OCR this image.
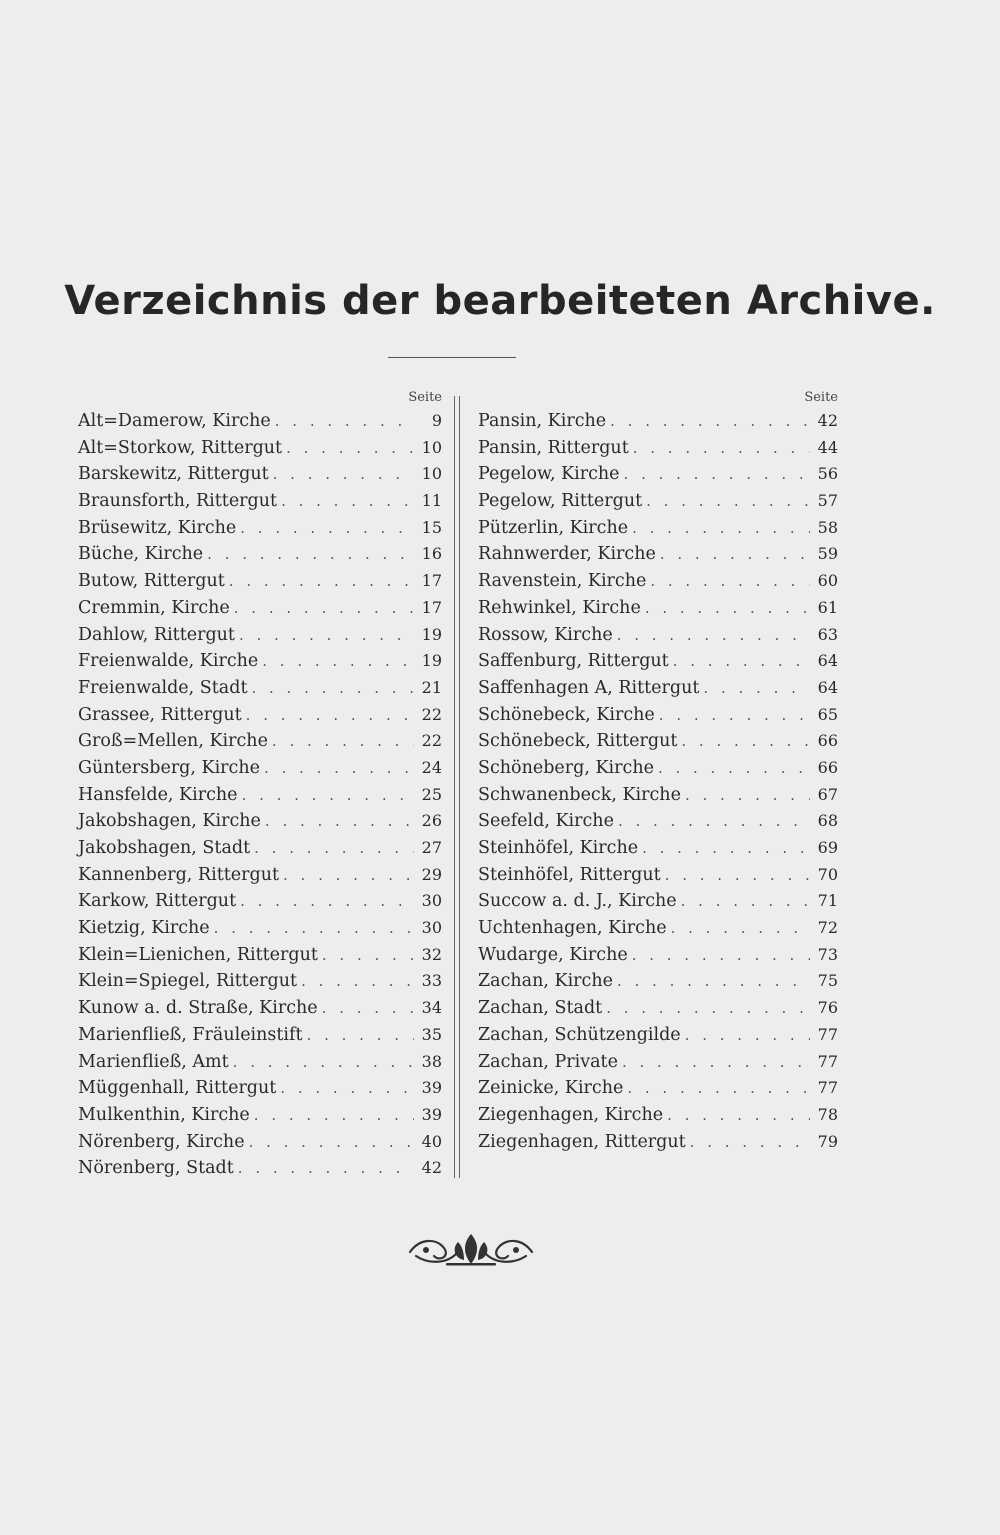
Verzeichnis der bearbeiteten Archive.
Seite
Alt=Damerow, Kirche . . .	9
Alt=Storkow, Rittergut . . .	10
Barskewitz, Rittergut . . .	10
Braunsforth, Rittergut . . .	11
Brüsewitz, Kirche . . .	15
Büche, Kirche . . .	16
Butow, Rittergut . . .	17
Cremmin, Kirche . . .	17
Dahlow, Rittergut . . .	19
Freienwalde, Kirche . . .	19
Freienwalde, Stadt . . .	21
Grassee, Rittergut . . .	22
Groß=Mellen, Kirche . . .	22
Güntersberg, Kirche . . .	24
Hansfelde, Kirche . . .	25
Jakobshagen, Kirche . . .	26
Jakobshagen, Stadt . . .	27
Kannenberg, Rittergut . . .	29
Karkow, Rittergut . . .	30
Kietzig, Kirche . . .	30
Klein=Lienichen, Rittergut . . .	32
Klein=Spiegel, Rittergut . . .	33
Kunow a. d. Straße, Kirche . . .	34
Marienfließ, Fräuleinstift . . .	35
Marienfließ, Amt . . .	38
Müggenhall, Rittergut . . .	39
Mulkenthin, Kirche . . .	39
Nörenberg, Kirche . . .	40
Nörenberg, Stadt . . .	42
Seite
Pansin, Kirche . . .	42
Pansin, Rittergut . . .	44
Pegelow, Kirche . . .	56
Pegelow, Rittergut . . .	57
Pützerlin, Kirche . . .	58
Rahnwerder, Kirche . . .	59
Ravenstein, Kirche . . .	60
Rehwinkel, Kirche . . .	61
Rossow, Kirche . . .	63
Saffenburg, Rittergut . . .	64
Saffenhagen A, Rittergut . . .	64
Schönebeck, Kirche . . .	65
Schönebeck, Rittergut . . .	66
Schöneberg, Kirche . . .	66
Schwanenbeck, Kirche . . .	67
Seefeld, Kirche . . .	68
Steinhöfel, Kirche . . .	69
Steinhöfel, Rittergut . . .	70
Succow a. d. J., Kirche . . .	71
Uchtenhagen, Kirche . . .	72
Wudarge, Kirche . . .	73
Zachan, Kirche . . .	75
Zachan, Stadt . . .	76
Zachan, Schützengilde . . .	77
Zachan, Private . . .	77
Zeinicke, Kirche . . .	77
Ziegenhagen, Kirche . . .	78
Ziegenhagen, Rittergut . . .	79
